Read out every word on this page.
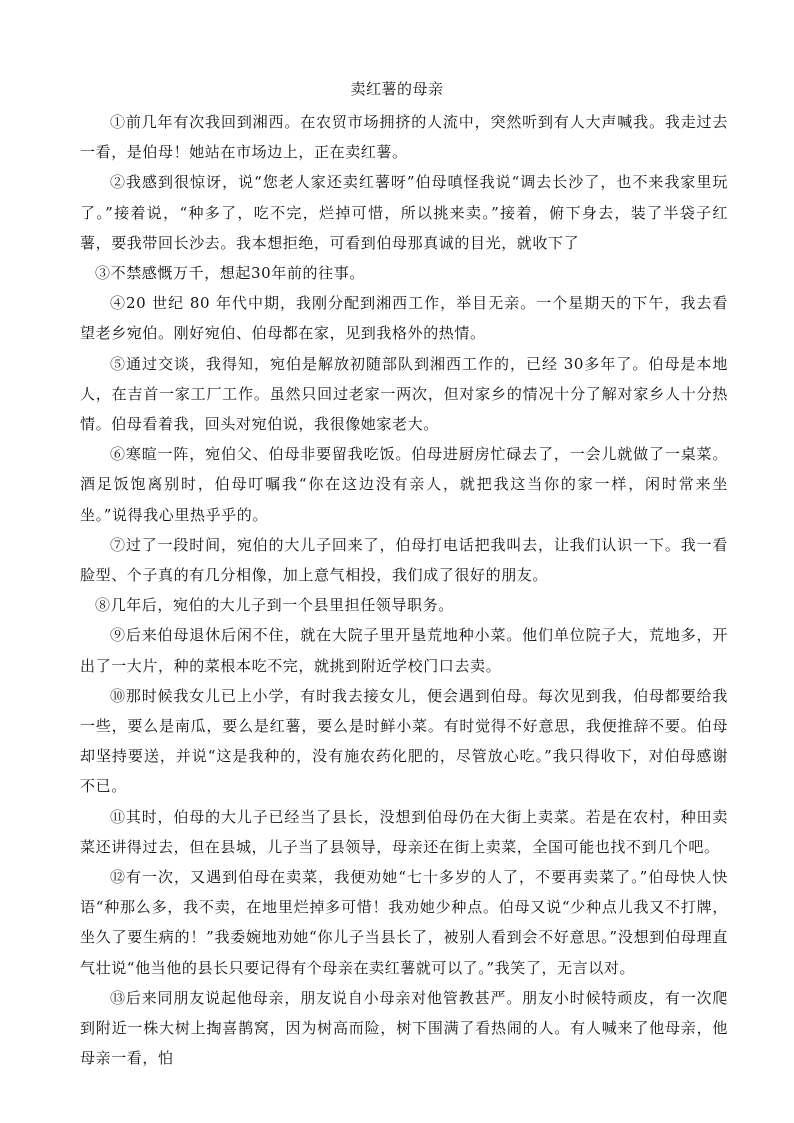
卖红薯的母亲

①前几年有次我回到湘西。在农贸市场拥挤的人流中，突然听到有人大声喊我。我走过去一看，是伯母！她站在市场边上，正在卖红薯。

②我感到很惊讶，说“您老人家还卖红薯呀”伯母嗔怪我说“调去长沙了，也不来我家里玩了。”接着说，“种多了，吃不完，烂掉可惜，所以挑来卖。”接着，俯下身去，装了半袋子红薯，要我带回长沙去。我本想拒绝，可看到伯母那真诚的目光，就收下了

③不禁感慨万千，想起30年前的往事。

④20 世纪 80 年代中期，我刚分配到湘西工作，举目无亲。一个星期天的下午，我去看望老乡宛伯。刚好宛伯、伯母都在家，见到我格外的热情。

⑤通过交谈，我得知，宛伯是解放初随部队到湘西工作的，已经 30多年了。伯母是本地人，在吉首一家工厂工作。虽然只回过老家一两次，但对家乡的情况十分了解对家乡人十分热情。伯母看着我，回头对宛伯说，我很像她家老大。

⑥寒暄一阵，宛伯父、伯母非要留我吃饭。伯母进厨房忙碌去了，一会儿就做了一桌菜。酒足饭饱离别时，伯母叮嘱我“你在这边没有亲人，就把我这当你的家一样，闲时常来坐坐。”说得我心里热乎乎的。

⑦过了一段时间，宛伯的大儿子回来了，伯母打电话把我叫去，让我们认识一下。我一看脸型、个子真的有几分相像，加上意气相投，我们成了很好的朋友。

⑧几年后，宛伯的大儿子到一个县里担任领导职务。

⑨后来伯母退休后闲不住，就在大院子里开垦荒地种小菜。他们单位院子大，荒地多，开出了一大片，种的菜根本吃不完，就挑到附近学校门口去卖。

⑩那时候我女儿已上小学，有时我去接女儿，便会遇到伯母。每次见到我，伯母都要给我一些，要么是南瓜，要么是红薯，要么是时鲜小菜。有时觉得不好意思，我便推辞不要。伯母却坚持要送，并说“这是我种的，没有施农药化肥的，尽管放心吃。”我只得收下，对伯母感谢不已。

⑪其时，伯母的大儿子已经当了县长，没想到伯母仍在大街上卖菜。若是在农村，种田卖菜还讲得过去，但在县城，儿子当了县领导，母亲还在街上卖菜，全国可能也找不到几个吧。

⑫有一次，又遇到伯母在卖菜，我便劝她“七十多岁的人了，不要再卖菜了。”伯母快人快语“种那么多，我不卖，在地里烂掉多可惜！我劝她少种点。伯母又说“少种点儿我又不打牌，坐久了要生病的！”我委婉地劝她“你儿子当县长了，被别人看到会不好意思。”没想到伯母理直气壮说“他当他的县长只要记得有个母亲在卖红薯就可以了。”我笑了，无言以对。

⑬后来同朋友说起他母亲，朋友说自小母亲对他管教甚严。朋友小时候特顽皮，有一次爬到附近一株大树上掏喜鹊窝，因为树高而险，树下围满了看热闹的人。有人喊来了他母亲，他母亲一看，怕
